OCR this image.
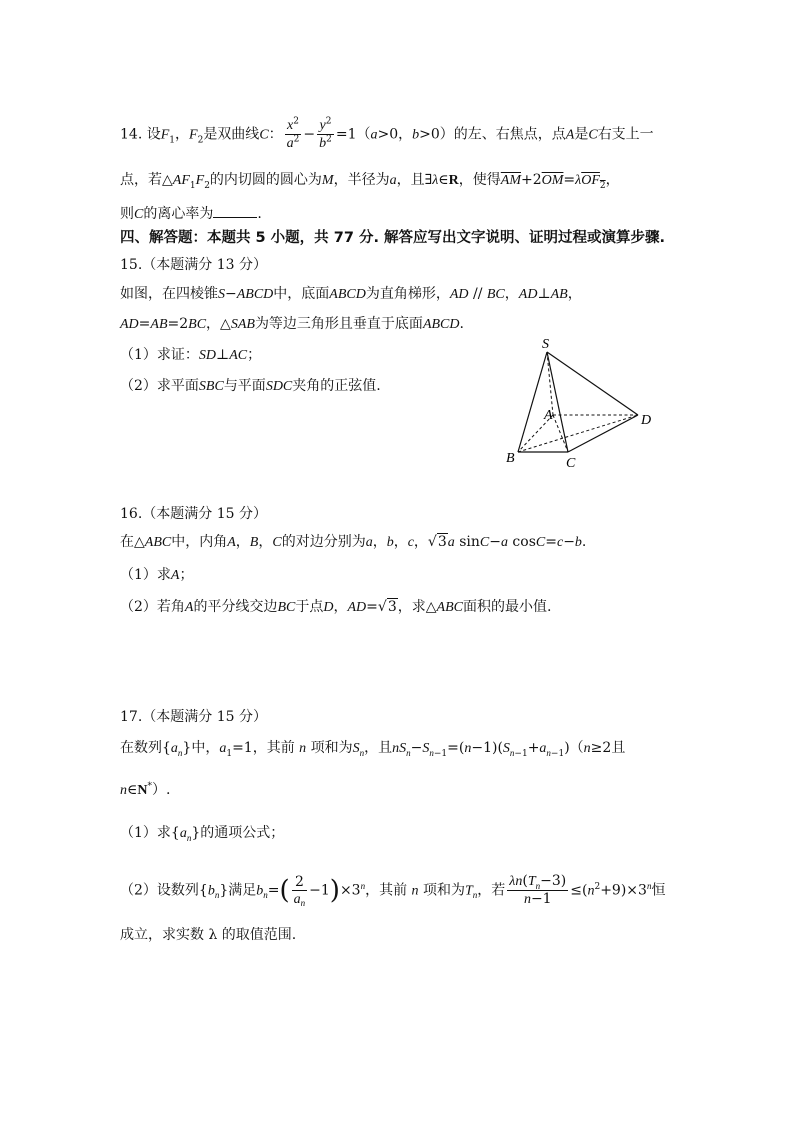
14. 设$F_1$，$F_2$是双曲线C： $\frac{x^2}{a^2} - \frac{y^2}{b^2} =1(a>0$，b>0）的左、右焦点，点A是C右支上一
点，若$\triangle AF_1F_2$的内切圆的圆心为M，半径为a，且∃λ∈R，使得$\overline{AM}+2\overline{OM}=\lambda OF_2$，
则C的离心率为	.
四、解答题：本题共 5 小题，共 77 分. 解答应写出文字说明、证明过程或演算步骤.
15.（本题满分 13 分）
如图，在四棱锥S−ABCD中，底面ABCD为直角梯形，AD // BC，AD⊥AB，
AD=AB=2BC，△SAB为等边三角形且垂直于底面ABCD.
（1）求证：SD⊥AC；
（2）求平面SBC与平面SDC夹角的正弦值.
S
A
B	C
D
16.（本题满分 15 分）
在△ABC中，内角A，B，C的对边分别为a，b，c，√3a sinC−a cosC=c−b.
（1）求A；
（2）若角A的平分线交边BC于点D，AD=√3，求△ABC面积的最小值.
17.（本题满分 15 分）
在数列$\{a_n\}$中，$a_1=1$，其前 n 项和为$S_n$，且$nS_n-S_{n-1}=(n-1)(S_{n-1}+a_{n-1})(n\ge 2$且
n∈N*）.
（1）求$\{a_n\}$的通项公式；
（2）设数列$\{b_n\}$满足$b_n=( \frac{2}{a_n} -1)\times 3^n$，其前 n 项和为$T_n$，若 $\frac{\lambda n(T_n-3)}{n-1} \le(n^2+9)\times 3^n$恒
成立，求实数 λ 的取值范围.
